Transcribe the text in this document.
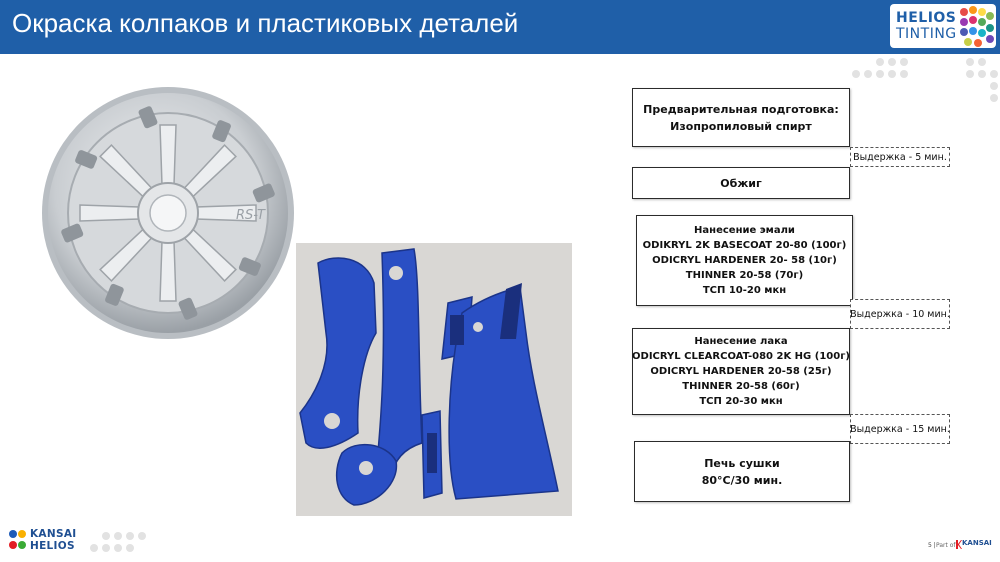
Окраска колпаков и пластиковых деталей	HELIOS
TINTING
RS-T
Предварительная подготовка:
Изопропиловый спирт
Выдержка - 5 мин.
Обжиг
Нанесение эмали
ODIKRYL 2K BASECOAT 20-80 (100г)
ODICRYL HARDENER 20- 58 (10г)
THINNER 20-58 (70г)
ТСП 10-20 мкн
Выдержка - 10 мин.
Нанесение лака
ODICRYL CLEARCOAT-080 2K HG (100г)
ODICRYL HARDENER 20-58 (25г)
THINNER 20-58 (60г)
ТСП 20-30 мкн
Выдержка - 15 мин.
Печь сушки
80°C/30 мин.
KANSAI
HELIOS	5 | Part of KANSAI
